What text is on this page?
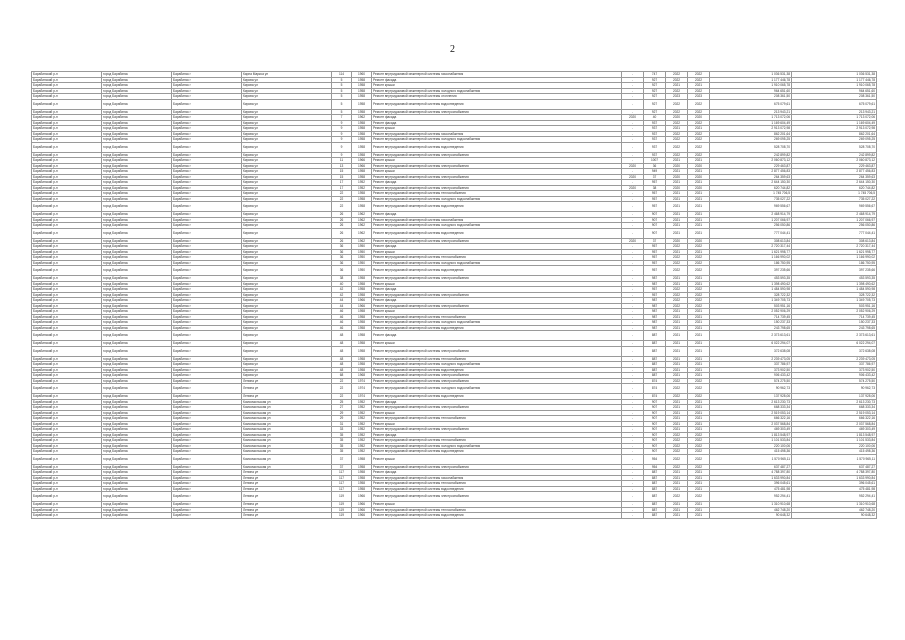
2
Барабинский р-н	город Барабинск	Барабинск г	Карла Маркса ул	114	1960	Ремонт внутридомовой инженерной системы газоснабжения	-	747	2022	2022	1 036 531,38	1 036 531,38
Барабинский р-н	город Барабинск	Барабинск г	Кирова ул	5	1958	Ремонт фасада	-	927	2022	2022	1 177 446,78	1 177 446,78
Барабинский р-н	город Барабинск	Барабинск г	Кирова ул	5	1958	Ремонт крыши	-	927	2021	2021	1 910 065,78	1 910 065,78
Барабинский р-н	город Барабинск	Барабинск г	Кирова ул	5	1958	Ремонт внутридомовой инженерной системы холодного водоснабжения	-	927	2022	2022	964 651,60	964 651,60
Барабинский р-н	город Барабинск	Барабинск г	Кирова ул	5	1958	Ремонт внутридомовой инженерной системы отопления	-	927	2023	2023	208 361,50	208 361,50
Барабинский р-н	город Барабинск	Барабинск г	Кирова ул	5	1958	Ремонт внутридомовой инженерной системы водоотведения	-	927	2022	2022	675 079,61	675 079,61
Барабинский р-н	город Барабинск	Барабинск г	Кирова ул	5	1958	Ремонт внутридомовой инженерной системы электроснабжения	-	927	2022	2022	213 943,21	213 943,21
Барабинский р-н	город Барабинск	Барабинск г	Кирова ул	7	1962	Ремонт фасада	2020	40	2020	2020	1 713 072,06	1 713 072,06
Барабинский р-н	город Барабинск	Барабинск г	Кирова ул	9	1958	Ремонт фасада	-	937	2022	2022	1 169 604,49	1 169 604,49
Барабинский р-н	город Барабинск	Барабинск г	Кирова ул	9	1958	Ремонт крыши	-	937	2021	2021	2 913 072,98	2 913 072,98
Барабинский р-н	город Барабинск	Барабинск г	Кирова ул	9	1958	Ремонт внутридомовой инженерной системы газоснабжения	-	937	2022	2022	862 201,64	862 201,64
Барабинский р-н	город Барабинск	Барабинск г	Кирова ул	9	1958	Ремонт внутридомовой инженерной системы холодного водоснабжения	-	937	2022	2022	269 095,25	269 095,25
Барабинский р-н	город Барабинск	Барабинск г	Кирова ул	9	1958	Ремонт внутридомовой инженерной системы водоотведения	-	937	2022	2022	528 708,70	528 708,70
Барабинский р-н	город Барабинск	Барабинск г	Кирова ул	9	1958	Ремонт внутридомовой инженерной системы электроснабжения	-	937	2022	2022	242 899,82	242 899,82
Барабинский р-н	город Барабинск	Барабинск г	Кирова ул	11	1966	Ремонт крыши	-	1007	2021	2021	2 060 873,12	2 060 873,12
Барабинский р-н	город Барабинск	Барабинск г	Кирова ул	13	1966	Ремонт внутридомовой инженерной системы электроснабжения	2020	36	2020	2020	229 463,87	229 463,87
Барабинский р-н	город Барабинск	Барабинск г	Кирова ул	15	1958	Ремонт крыши	-	949	2021	2021	2 877 456,83	2 877 456,83
Барабинский р-н	город Барабинск	Барабинск г	Кирова ул	15	1958	Ремонт внутридомовой инженерной системы электроснабжения	2020	37	2020	2020	264 359,63	264 359,63
Барабинский р-н	город Барабинск	Барабинск г	Кирова ул	17	1952	Ремонт фасада	-	957	2021	2021	2 644 150,30	2 644 150,30
Барабинский р-н	город Барабинск	Барабинск г	Кирова ул	17	1952	Ремонт внутридомовой инженерной системы электроснабжения	2020	38	2020	2020	620 744,82	620 744,82
Барабинский р-н	город Барабинск	Барабинск г	Кирова ул	22	1958	Ремонт внутридомовой инженерной системы теплоснабжения	-	957	2021	2021	1 745 706,5	1 745 706,5
Барабинский р-н	город Барабинск	Барабинск г	Кирова ул	22	1958	Ремонт внутридомовой инженерной системы холодного водоснабжения	-	957	2021	2021	735 027,22	735 027,22
Барабинский р-н	город Барабинск	Барабинск г	Кирова ул	22	1958	Ремонт внутридомовой инженерной системы водоотведения	-	957	2021	2021	969 556,67	969 556,67
Барабинский р-н	город Барабинск	Барабинск г	Кирова ул	26	1962	Ремонт фасада	-	907	2021	2021	2 468 914,79	2 468 914,79
Барабинский р-н	город Барабинск	Барабинск г	Кирова ул	26	1962	Ремонт внутридомовой инженерной системы газоснабжения	-	907	2021	2021	1 207 066,97	1 207 066,97
Барабинский р-н	город Барабинск	Барабинск г	Кирова ул	26	1962	Ремонт внутридомовой инженерной системы холодного водоснабжения	-	907	2021	2021	256 050,86	256 050,86
Барабинский р-н	город Барабинск	Барабинск г	Кирова ул	26	1962	Ремонт внутридомовой инженерной системы водоотведения	-	907	2021	2021	777 044,41	777 044,41
Барабинский р-н	город Барабинск	Барабинск г	Кирова ул	26	1962	Ремонт внутридомовой инженерной системы электроснабжения	2020	37	2020	2020	308 613,84	308 613,84
Барабинский р-н	город Барабинск	Барабинск г	Кирова ул	36	1950	Ремонт фасада	-	957	2022	2022	2 720 317,44	2 720 317,44
Барабинский р-н	город Барабинск	Барабинск г	Кирова ул	36	1950	Ремонт крыши	-	957	2021	2021	1 621 998,77	1 621 998,77
Барабинский р-н	город Барабинск	Барабинск г	Кирова ул	36	1950	Ремонт внутридомовой инженерной системы теплоснабжения	-	957	2022	2022	1 166 990,02	1 166 990,02
Барабинский р-н	город Барабинск	Барабинск г	Кирова ул	36	1950	Ремонт внутридомовой инженерной системы холодного водоснабжения	-	957	2022	2022	186 750,95	186 750,95
Барабинский р-н	город Барабинск	Барабинск г	Кирова ул	36	1950	Ремонт внутридомовой инженерной системы водоотведения	-	957	2022	2022	397 235,66	397 235,66
Барабинский р-н	город Барабинск	Барабинск г	Кирова ул	38	1958	Ремонт внутридомовой инженерной системы электроснабжения	-	987	2021	2021	453 593,35	453 593,35
Барабинский р-н	город Барабинск	Барабинск г	Кирова ул	40	1958	Ремонт крыши	-	987	2021	2021	1 398 490,62	1 398 490,62
Барабинский р-н	город Барабинск	Барабинск г	Кирова ул	42	1958	Ремонт фасада	-	957	2022	2022	1 484 590,98	1 484 590,98
Барабинский р-н	город Барабинск	Барабинск г	Кирова ул	42	1958	Ремонт внутридомовой инженерной системы электроснабжения	-	957	2022	2022	328 722,32	328 722,32
Барабинский р-н	город Барабинск	Барабинск г	Кирова ул	44	1966	Ремонт фасада	-	987	2022	2022	1 349 705,73	1 349 705,73
Барабинский р-н	город Барабинск	Барабинск г	Кирова ул	44	1966	Ремонт внутридомовой инженерной системы электроснабжения	-	987	2022	2022	503 951,16	503 951,16
Барабинский р-н	город Барабинск	Барабинск г	Кирова ул	46	1958	Ремонт крыши	-	987	2021	2021	2 052 906,29	2 052 906,29
Барабинский р-н	город Барабинск	Барабинск г	Кирова ул	46	1958	Ремонт внутридомовой инженерной системы теплоснабжения	-	987	2021	2021	714 739,45	714 739,45
Барабинский р-н	город Барабинск	Барабинск г	Кирова ул	46	1958	Ремонт внутридомовой инженерной системы холодного водоснабжения	-	987	2021	2021	150 237,33	150 237,33
Барабинский р-н	город Барабинск	Барабинск г	Кирова ул	46	1958	Ремонт внутридомовой инженерной системы водоотведения	-	987	2021	2021	243 798,65	243 798,65
Барабинский р-н	город Барабинск	Барабинск г	Кирова ул	48	1958	Ремонт фасада	-	887	2021	2021	2 373 613,61	2 373 613,61
Барабинский р-н	город Барабинск	Барабинск г	Кирова ул	48	1958	Ремонт крыши	-	887	2021	2021	6 022 294,07	6 022 294,07
Барабинский р-н	город Барабинск	Барабинск г	Кирова ул	48	1958	Ремонт внутридомовой инженерной системы электроснабжения	-	887	2021	2021	372 638,08	372 638,08
Барабинский р-н	город Барабинск	Барабинск г	Кирова ул	48	1958	Ремонт внутридомовой инженерной системы теплоснабжения	-	887	2021	2021	2 239 473,05	2 239 473,05
Барабинский р-н	город Барабинск	Барабинск г	Кирова ул	48	1958	Ремонт внутридомовой инженерной системы холодного водоснабжения	-	887	2021	2021	337 786,97	337 786,97
Барабинский р-н	город Барабинск	Барабинск г	Кирова ул	48	1958	Ремонт внутридомовой инженерной системы водоотведения	-	887	2021	2021	373 902,50	373 902,50
Барабинский р-н	город Барабинск	Барабинск г	Кирова ул	68	1968	Ремонт внутридомовой инженерной системы электроснабжения	-	887	2021	2021	906 433,42	906 433,42
Барабинский р-н	город Барабинск	Барабинск г	Ленина ул	22	1974	Ремонт внутридомовой инженерной системы электроснабжения	-	874	2022	2022	574 275,50	574 275,50
Барабинский р-н	город Барабинск	Барабинск г	Ленина ул	22	1974	Ремонт внутридомовой инженерной системы холодного водоснабжения	-	874	2022	2022	90 962,73	90 962,73
Барабинский р-н	город Барабинск	Барабинск г	Ленина ул	22	1974	Ремонт внутридомовой инженерной системы водоотведения	-	874	2022	2022	137 928,06	137 928,06
Барабинский р-н	город Барабинск	Барабинск г	Комсомольская ул	25	1952	Ремонт фасада	-	907	2021	2021	2 613 230,73	2 613 230,73
Барабинский р-н	город Барабинск	Барабинск г	Комсомольская ул	27	1952	Ремонт внутридомовой инженерной системы электроснабжения	-	907	2021	2021	668 333,34	668 333,34
Барабинский р-н	город Барабинск	Барабинск г	Комсомольская ул	29	1952	Ремонт крыши	-	907	2021	2021	2 519 053,14	2 519 053,14
Барабинский р-н	город Барабинск	Барабинск г	Комсомольская ул	29	1952	Ремонт внутридомовой инженерной системы теплоснабжения	-	907	2021	2021	666 322,16	666 322,16
Барабинский р-н	город Барабинск	Барабинск г	Комсомольская ул	31	1952	Ремонт крыши	-	907	2021	2021	2 037 568,84	2 037 568,84
Барабинский р-н	город Барабинск	Барабинск г	Комсомольская ул	33	1952	Ремонт внутридомовой инженерной системы электроснабжения	-	907	2021	2021	469 303,49	469 303,49
Барабинский р-н	город Барабинск	Барабинск г	Комсомольская ул	35	1952	Ремонт фасада	-	907	2022	2022	1 813 548,97	1 813 548,97
Барабинский р-н	город Барабинск	Барабинск г	Комсомольская ул	35	1952	Ремонт внутридомовой инженерной системы теплоснабжения	-	907	2022	2022	1 101 533,84	1 101 533,84
Барабинский р-н	город Барабинск	Барабинск г	Комсомольская ул	35	1952	Ремонт внутридомовой инженерной системы холодного водоснабжения	-	907	2022	2022	220 100,06	220 100,06
Барабинский р-н	город Барабинск	Барабинск г	Комсомольская ул	35	1952	Ремонт внутридомовой инженерной системы водоотведения	-	907	2022	2022	415 498,36	415 498,36
Барабинский р-н	город Барабинск	Барабинск г	Комсомольская ул	37	1958	Ремонт крыши	-	954	2022	2022	1 570 965,11	1 570 965,11
Барабинский р-н	город Барабинск	Барабинск г	Комсомольская ул	37	1958	Ремонт внутридомовой инженерной системы электроснабжения	-	954	2022	2022	637 487,27	637 487,27
Барабинский р-н	город Барабинск	Барабинск г	Ленина ул	117	1958	Ремонт фасада	-	887	2021	2021	4 788 397,80	4 788 397,80
Барабинский р-н	город Барабинск	Барабинск г	Ленина ул	117	1958	Ремонт внутридомовой инженерной системы газоснабжения	-	887	2021	2021	1 633 990,84	1 633 990,84
Барабинский р-н	город Барабинск	Барабинск г	Ленина ул	117	1958	Ремонт внутридомовой инженерной системы теплоснабжения	-	887	2021	2021	396 045,61	396 045,61
Барабинский р-н	город Барабинск	Барабинск г	Ленина ул	117	1958	Ремонт внутридомовой инженерной системы водоотведения	-	887	2021	2021	475 481,98	475 481,98
Барабинский р-н	город Барабинск	Барабинск г	Ленина ул	119	1966	Ремонт внутридомовой инженерной системы электроснабжения	-	887	2022	2022	952 294,41	952 294,41
Барабинский р-н	город Барабинск	Барабинск г	Ленина ул	119	1966	Ремонт крыши	-	887	2021	2021	1 310 910,68	1 310 910,68
Барабинский р-н	город Барабинск	Барабинск г	Ленина ул	119	1966	Ремонт внутридомовой инженерной системы теплоснабжения	-	887	2021	2021	462 748,20	462 748,20
Барабинский р-н	город Барабинск	Барабинск г	Ленина ул	119	1966	Ремонт внутридомовой инженерной системы водоотведения	-	887	2021	2021	90 648,32	90 648,32
